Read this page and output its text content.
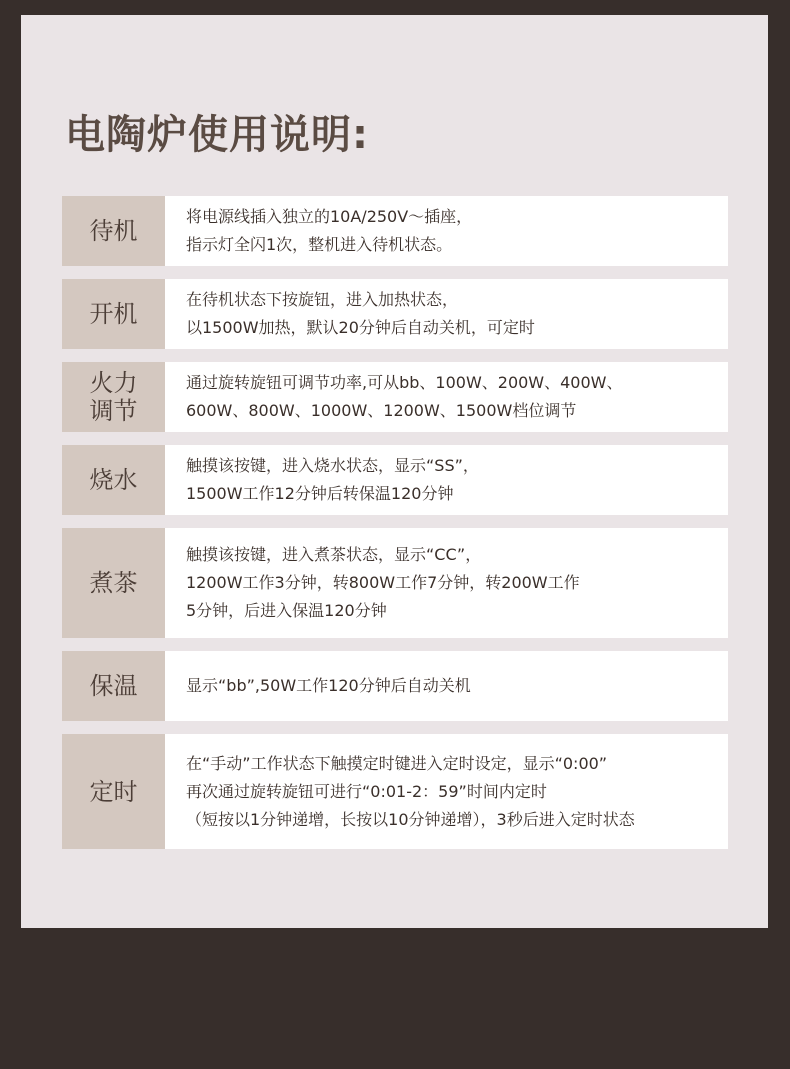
电陶炉使用说明:
待机
将电源线插入独立的10A/250V～插座，
指示灯全闪1次，整机进入待机状态。
开机
在待机状态下按旋钮，进入加热状态，
以1500W加热，默认20分钟后自动关机，可定时
火力
调节
通过旋转旋钮可调节功率,可从bb、100W、200W、400W、
600W、800W、1000W、1200W、1500W档位调节
烧水
触摸该按键，进入烧水状态，显示“SS”，
1500W工作12分钟后转保温120分钟
煮茶
触摸该按键，进入煮茶状态，显示“CC”，
1200W工作3分钟，转800W工作7分钟，转200W工作
5分钟，后进入保温120分钟
保温	显示“bb”,50W工作120分钟后自动关机
定时
在“手动”工作状态下触摸定时键进入定时设定，显示“0:00”
再次通过旋转旋钮可进行“0:01-2：59”时间内定时
（短按以1分钟递增，长按以10分钟递增），3秒后进入定时状态
